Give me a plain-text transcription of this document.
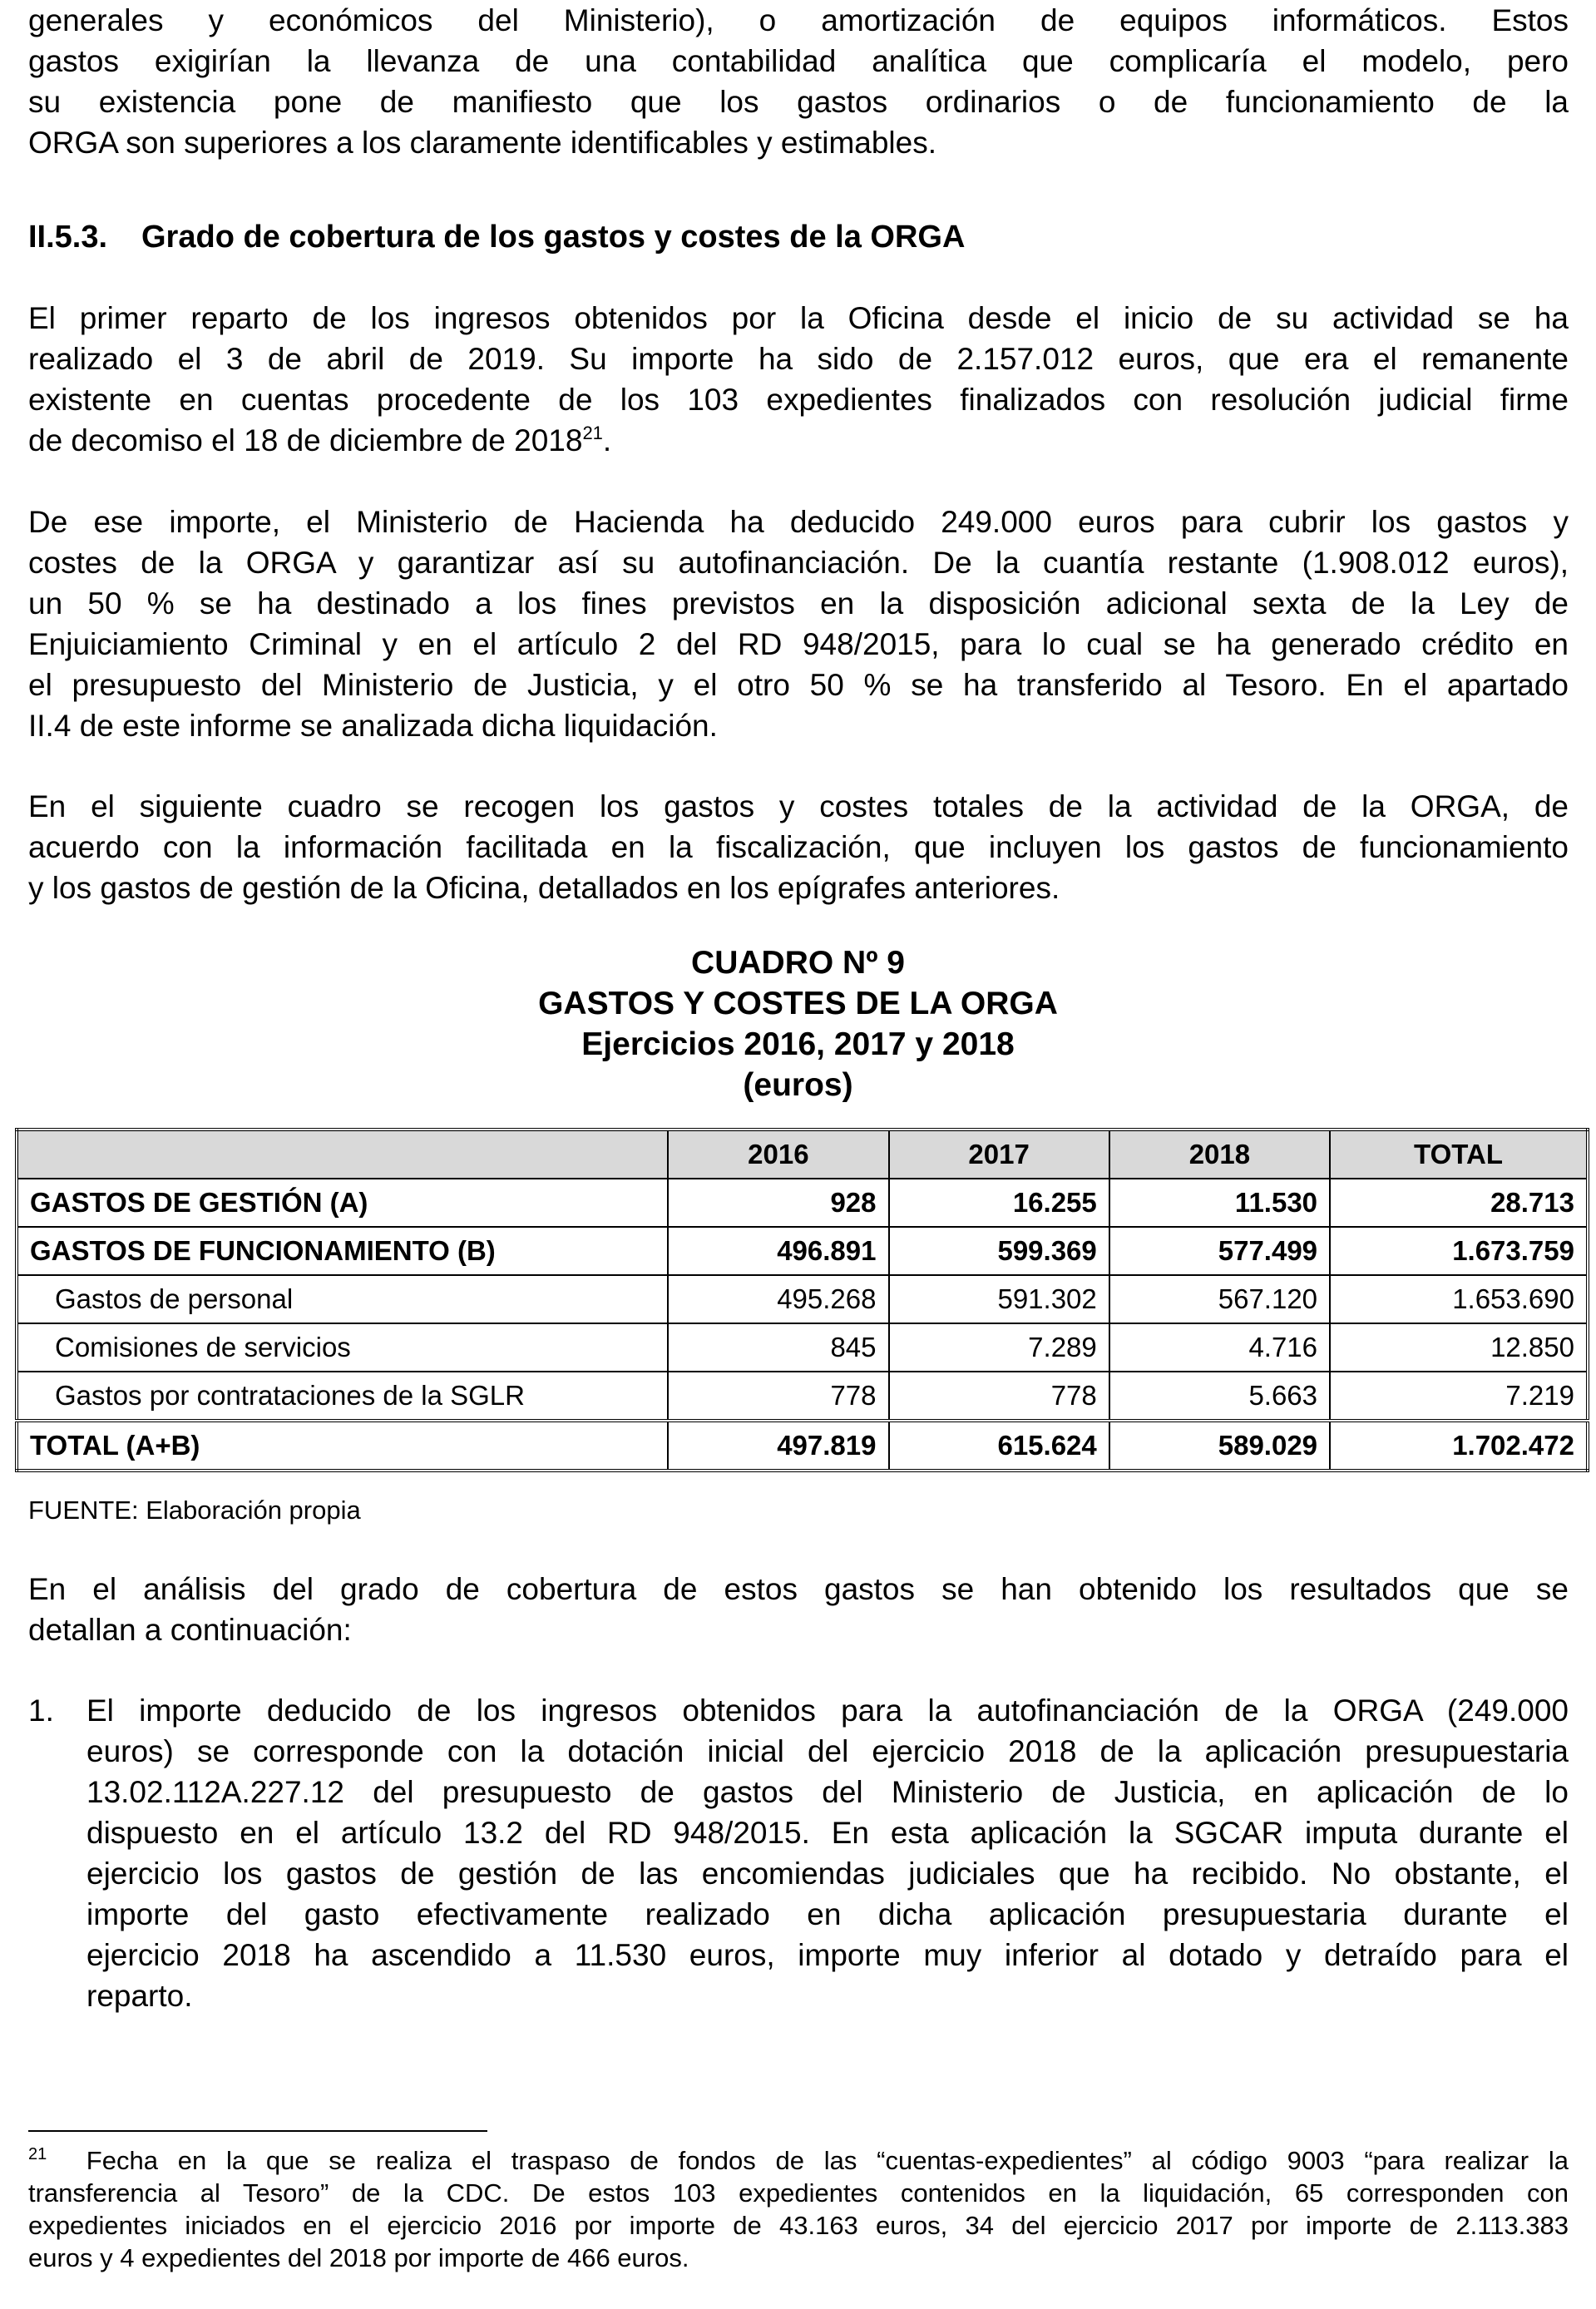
generales y económicos del Ministerio), o amortización de equipos informáticos. Estos
gastos exigirían la llevanza de una contabilidad analítica que complicaría el modelo, pero
su existencia pone de manifiesto que los gastos ordinarios o de funcionamiento de la
ORGA son superiores a los claramente identificables y estimables.
II.5.3. Grado de cobertura de los gastos y costes de la ORGA
El primer reparto de los ingresos obtenidos por la Oficina desde el inicio de su actividad se ha
realizado el 3 de abril de 2019. Su importe ha sido de 2.157.012 euros, que era el remanente
existente en cuentas procedente de los 103 expedientes finalizados con resolución judicial firme
de decomiso el 18 de diciembre de 2018$^{21}$.
De ese importe, el Ministerio de Hacienda ha deducido 249.000 euros para cubrir los gastos y
costes de la ORGA y garantizar así su autofinanciación. De la cuantía restante (1.908.012 euros),
un 50 % se ha destinado a los fines previstos en la disposición adicional sexta de la Ley de
Enjuiciamiento Criminal y en el artículo 2 del RD 948/2015, para lo cual se ha generado crédito en
el presupuesto del Ministerio de Justicia, y el otro 50 % se ha transferido al Tesoro. En el apartado
II.4 de este informe se analizada dicha liquidación.
En el siguiente cuadro se recogen los gastos y costes totales de la actividad de la ORGA, de
acuerdo con la información facilitada en la fiscalización, que incluyen los gastos de funcionamiento
y los gastos de gestión de la Oficina, detallados en los epígrafes anteriores.
CUADRO Nº 9
GASTOS Y COSTES DE LA ORGA
Ejercicios 2016, 2017 y 2018
(euros)
	2016	2017	2018	TOTAL
GASTOS DE GESTIÓN (A)	928	16.255	11.530	28.713
GASTOS DE FUNCIONAMIENTO (B)	496.891	599.369	577.499	1.673.759
Gastos de personal	495.268	591.302	567.120	1.653.690
Comisiones de servicios	845	7.289	4.716	12.850
Gastos por contrataciones de la SGLR	778	778	5.663	7.219
TOTAL (A+B)	497.819	615.624	589.029	1.702.472
FUENTE: Elaboración propia
En el análisis del grado de cobertura de estos gastos se han obtenido los resultados que se
detallan a continuación:
1. El importe deducido de los ingresos obtenidos para la autofinanciación de la ORGA (249.000
euros) se corresponde con la dotación inicial del ejercicio 2018 de la aplicación presupuestaria
13.02.112A.227.12 del presupuesto de gastos del Ministerio de Justicia, en aplicación de lo
dispuesto en el artículo 13.2 del RD 948/2015. En esta aplicación la SGCAR imputa durante el
ejercicio los gastos de gestión de las encomiendas judiciales que ha recibido. No obstante, el
importe del gasto efectivamente realizado en dicha aplicación presupuestaria durante el
ejercicio 2018 ha ascendido a 11.530 euros, importe muy inferior al dotado y detraído para el
reparto.
$^{21}$ Fecha en la que se realiza el traspaso de fondos de las “cuentas-expedientes” al código 9003 “para realizar la
transferencia al Tesoro” de la CDC. De estos 103 expedientes contenidos en la liquidación, 65 corresponden con
expedientes iniciados en el ejercicio 2016 por importe de 43.163 euros, 34 del ejercicio 2017 por importe de 2.113.383
euros y 4 expedientes del 2018 por importe de 466 euros.
